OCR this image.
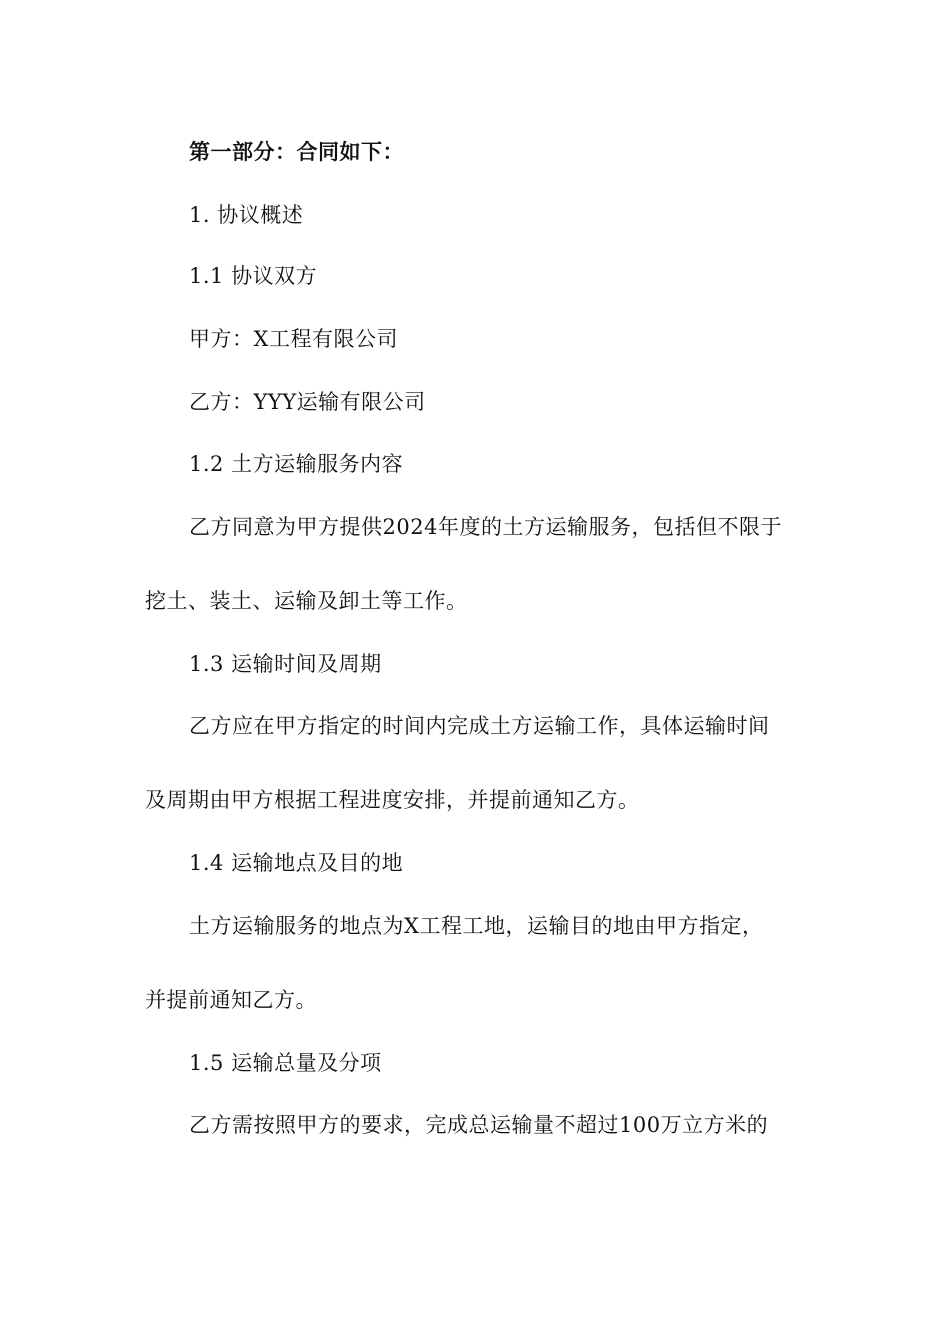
第一部分：合同如下：
1. 协议概述
1.1 协议双方
甲方：X工程有限公司
乙方：YYY运输有限公司
1.2 土方运输服务内容
乙方同意为甲方提供2024年度的土方运输服务，包括但不限于
挖土、装土、运输及卸土等工作。
1.3 运输时间及周期
乙方应在甲方指定的时间内完成土方运输工作，具体运输时间
及周期由甲方根据工程进度安排，并提前通知乙方。
1.4 运输地点及目的地
土方运输服务的地点为X工程工地，运输目的地由甲方指定，
并提前通知乙方。
1.5 运输总量及分项
乙方需按照甲方的要求，完成总运输量不超过100万立方米的
